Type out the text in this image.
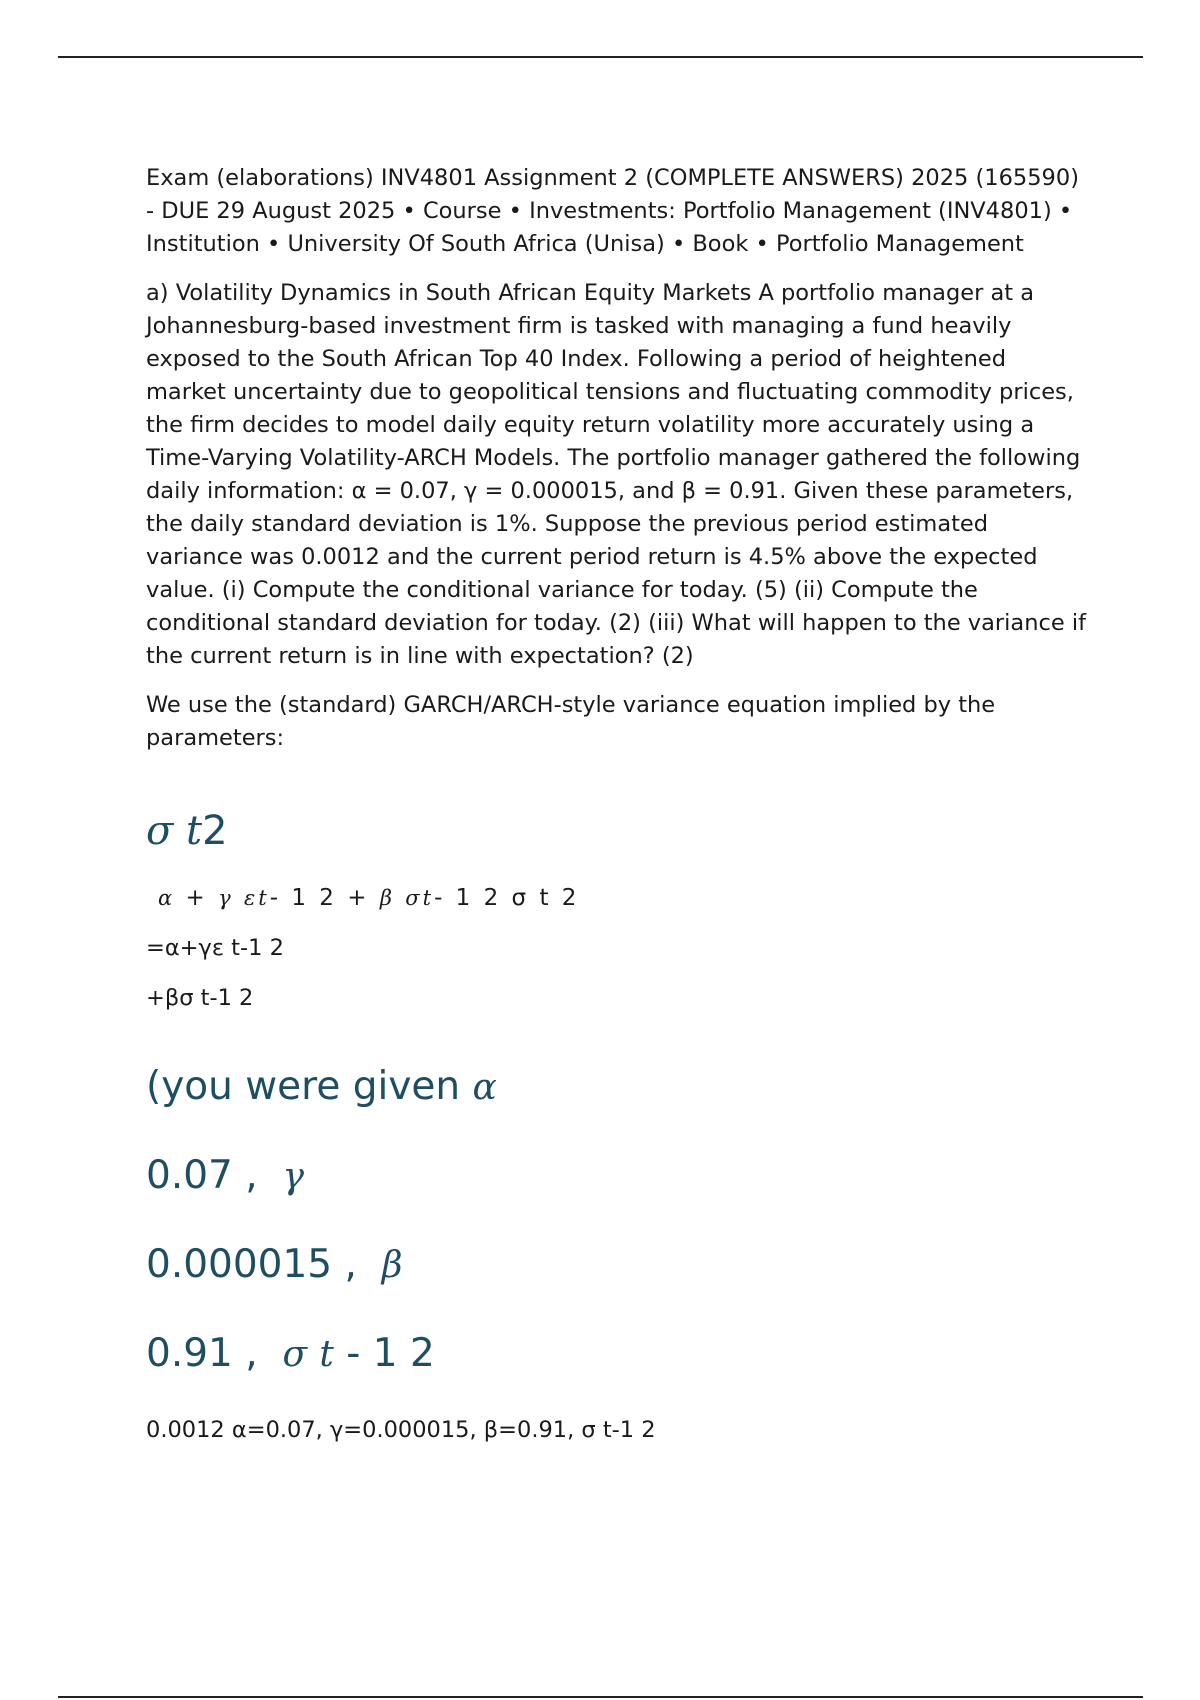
Exam (elaborations) INV4801 Assignment 2 (COMPLETE ANSWERS) 2025 (165590) - DUE 29 August 2025 • Course • Investments: Portfolio Management (INV4801) • Institution • University Of South Africa (Unisa) • Book • Portfolio Management

a) Volatility Dynamics in South African Equity Markets A portfolio manager at a Johannesburg-based investment firm is tasked with managing a fund heavily exposed to the South African Top 40 Index. Following a period of heightened market uncertainty due to geopolitical tensions and fluctuating commodity prices, the firm decides to model daily equity return volatility more accurately using a Time-Varying Volatility-ARCH Models. The portfolio manager gathered the following daily information: α = 0.07, γ = 0.000015, and β = 0.91. Given these parameters, the daily standard deviation is 1%. Suppose the previous period estimated variance was 0.0012 and the current period return is 4.5% above the expected value. (i) Compute the conditional variance for today. (5) (ii) Compute the conditional standard deviation for today. (2) (iii) What will happen to the variance if the current return is in line with expectation? (2)

We use the (standard) GARCH/ARCH-style variance equation implied by the parameters:

σ t2
α + γ εt- 1 2 + β σt- 1 2 σ t 2
=α+γε t-1 2
+βσ t-1 2
(you were given α
0.07 , γ
0.000015 , β
0.91 , σ t - 1 2
0.0012 α=0.07, γ=0.000015, β=0.91, σ t-1 2
